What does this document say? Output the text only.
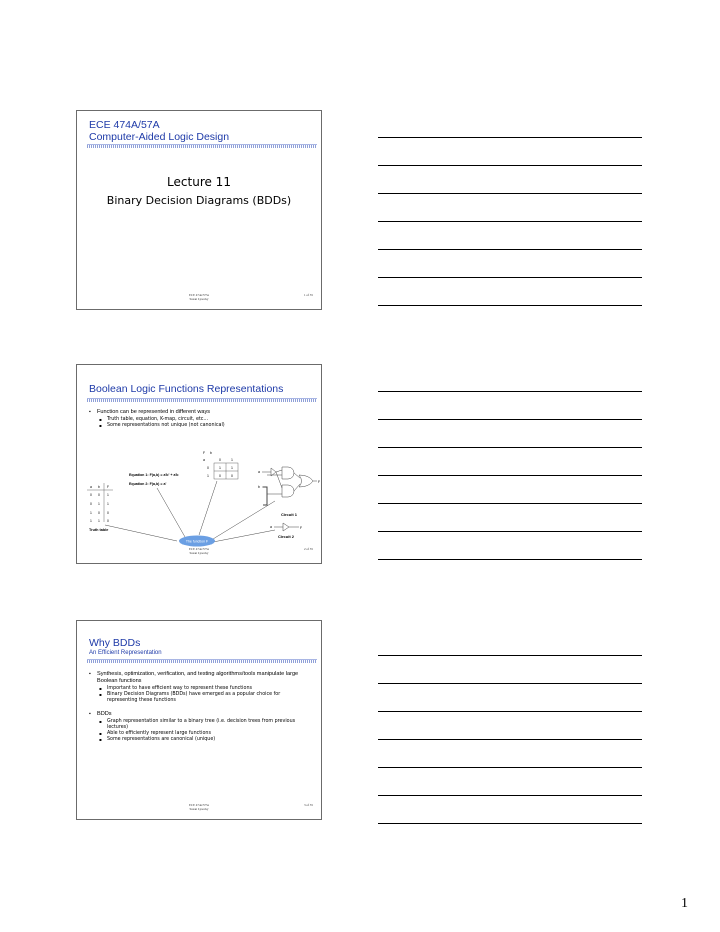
ECE 474A/57A
Computer-Aided Logic Design
Lecture 11
Binary Decision Diagrams (BDDs)
ECE 474a/575a
Susan Lysecky
1 of 35
Boolean Logic Functions Representations
▪ Function can be represented in different ways
▪ Truth table, equation, K-map, circuit, etc…
▪ Some representations not unique (not canonical)
F b
a	0	1
0	1	1
1	0	0
Equation 1: F(a,b) = a'b' + a'b
Equation 2: F(a,b) = a'
a b F
0 0 1
0 1 1
1 0 0
1 1 0
Truth table
a
b
F
Circuit 1
a	F
Circuit 2
The function F
ECE 474a/575a
Susan Lysecky
2 of 35
Why BDDs
An Efficient Representation
▪ Synthesis, optimization, verification, and testing algorithms/tools manipulate large Boolean functions
▪ Important to have efficient way to represent these functions
▪ Binary Decision Diagrams (BDDs) have emerged as a popular choice for representing these functions
▪ BDDs
▪ Graph representation similar to a binary tree (i.e. decision trees from previous lectures)
▪ Able to efficiently represent large functions
▪ Some representations are canonical (unique)
ECE 474a/575a
Susan Lysecky
3 of 35
1
